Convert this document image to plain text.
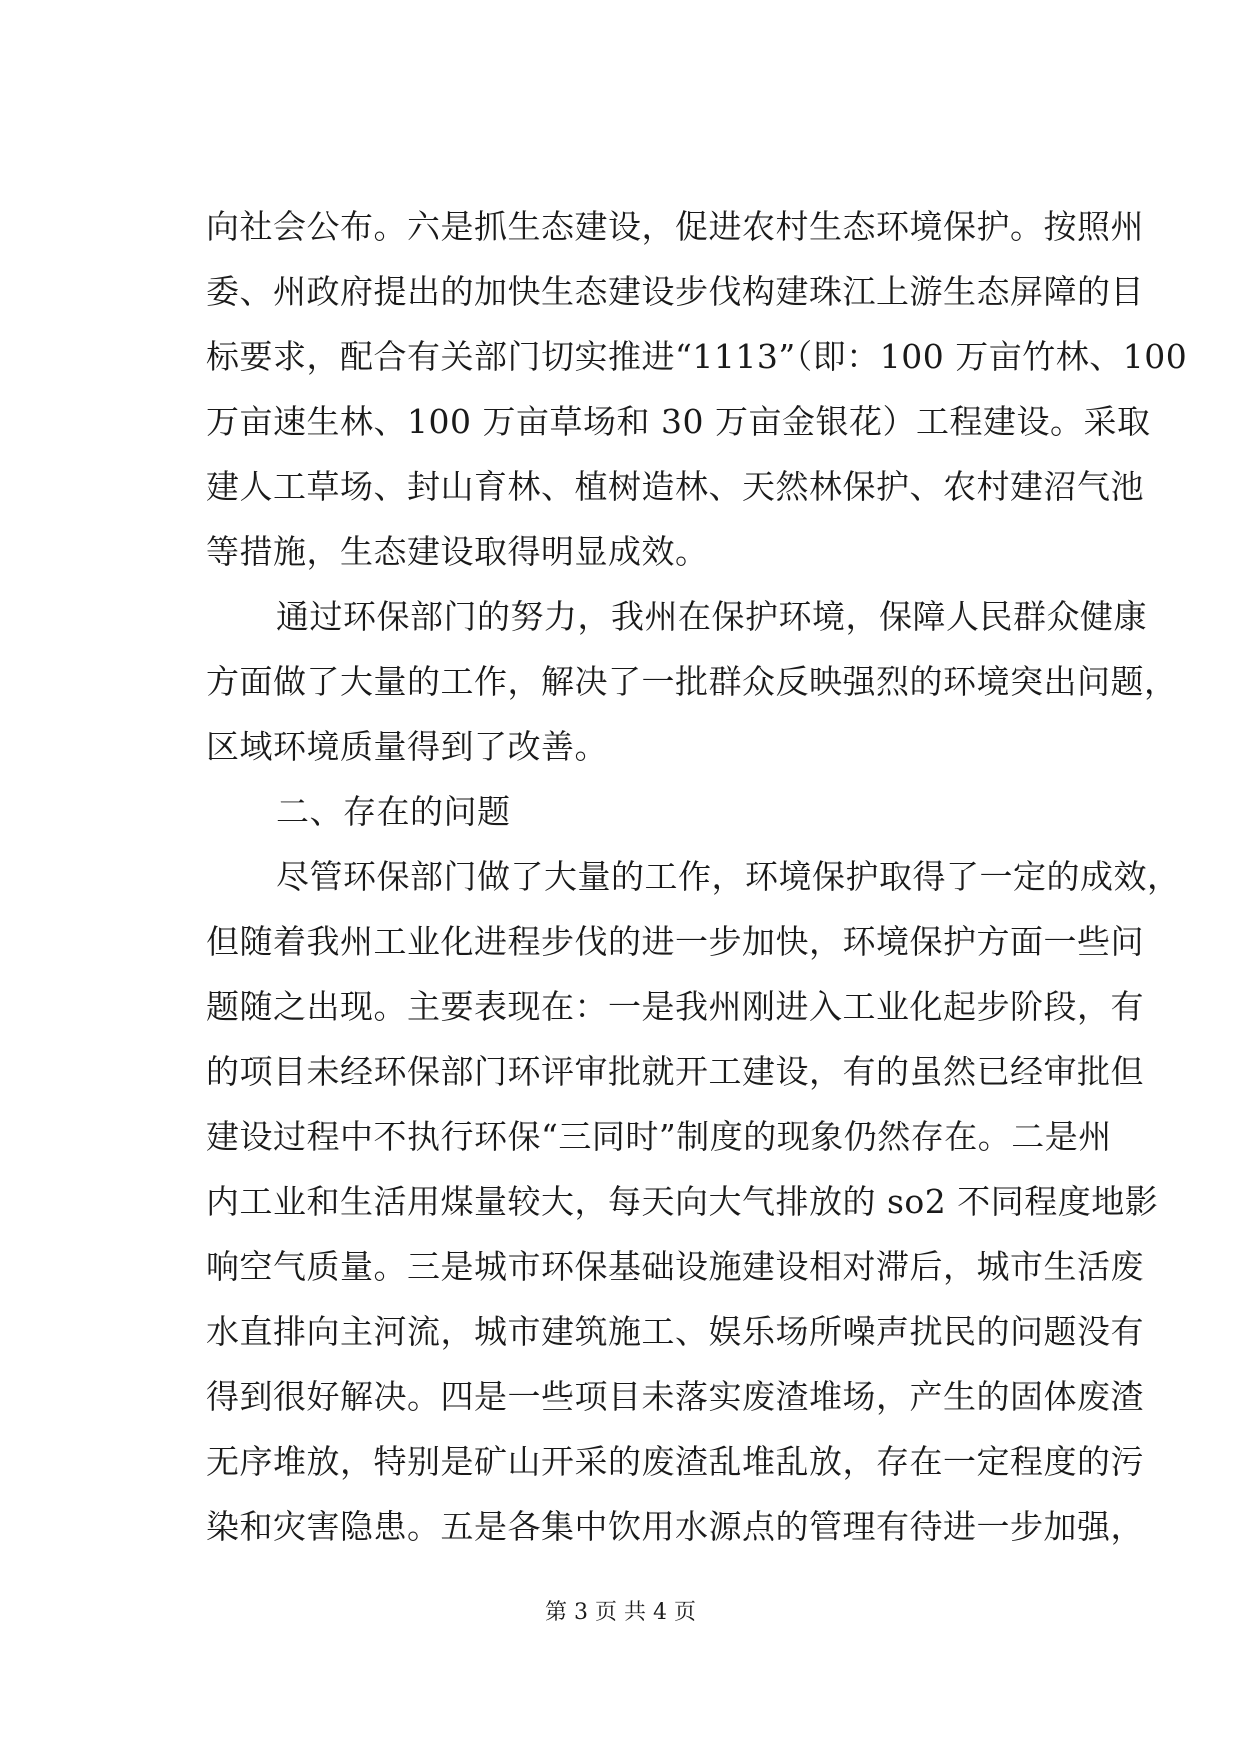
向社会公布。六是抓生态建设，促进农村生态环境保护。按照州
委、州政府提出的加快生态建设步伐构建珠江上游生态屏障的目
标要求，配合有关部门切实推进“1113”（即：100 万亩竹林、100
万亩速生林、100 万亩草场和 30 万亩金银花）工程建设。采取
建人工草场、封山育林、植树造林、天然林保护、农村建沼气池
等措施，生态建设取得明显成效。
通过环保部门的努力，我州在保护环境，保障人民群众健康
方面做了大量的工作，解决了一批群众反映强烈的环境突出问题，
区域环境质量得到了改善。
二、存在的问题
尽管环保部门做了大量的工作，环境保护取得了一定的成效，
但随着我州工业化进程步伐的进一步加快，环境保护方面一些问
题随之出现。主要表现在：一是我州刚进入工业化起步阶段，有
的项目未经环保部门环评审批就开工建设，有的虽然已经审批但
建设过程中不执行环保“三同时”制度的现象仍然存在。二是州
内工业和生活用煤量较大，每天向大气排放的 so2 不同程度地影
响空气质量。三是城市环保基础设施建设相对滞后，城市生活废
水直排向主河流，城市建筑施工、娱乐场所噪声扰民的问题没有
得到很好解决。四是一些项目未落实废渣堆场，产生的固体废渣
无序堆放，特别是矿山开采的废渣乱堆乱放，存在一定程度的污
染和灾害隐患。五是各集中饮用水源点的管理有待进一步加强，
第 3 页 共 4 页
